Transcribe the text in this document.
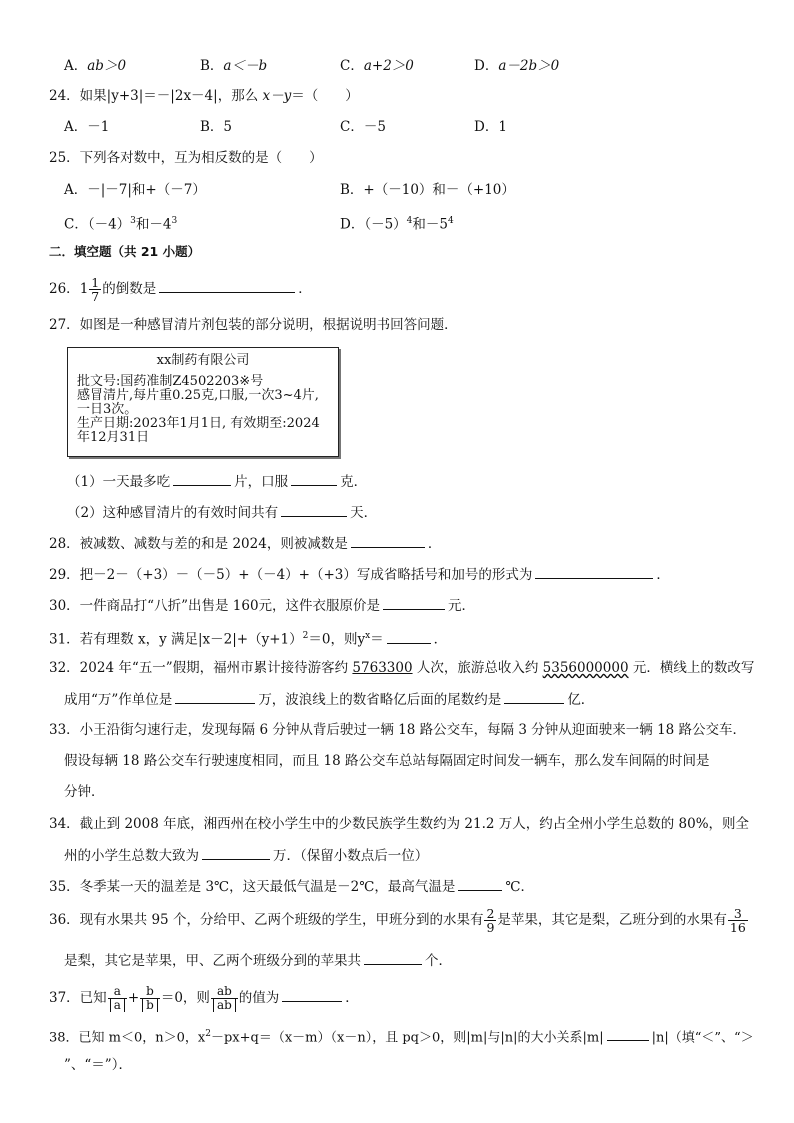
A．ab＞0	B．a＜－b	C．a+2＞0	D．a－2b＞0
24．如果|y+3|＝－|2x－4|，那么 x－y＝（　　）
A．－1	B．5	C．－5	D．1
25．下列各对数中，互为相反数的是（　　）
A．－|－7|和+（－7）	B．+（－10）和－（+10）
C．$(-4)^3$和$-4^3$	D．$(-5)^4$和$-5^4$
二．填空题（共 21 小题）
26．$1 \frac{1}{7}$ 的倒数是	．
27．如图是一种感冒清片剂包装的部分说明，根据说明书回答问题．
xx制药有限公司
批文号:国药准制Z4502203※号
感冒清片,每片重0.25克,口服,一次3~4片,
一日3次。
生产日期:2023年1月1日, 有效期至:2024
年12月31日
（1）一天最多吃	片，口服	克．
（2）这种感冒清片的有效时间共有	天．
28．被减数、减数与差的和是 2024，则被减数是	．
29．把－2－（+3）－（－5）+（－4）+（+3）写成省略括号和加号的形式为	．
30．一件商品打“八折”出售是 160元，这件衣服原价是	元．
31．若有理数 x，y 满足$|x-2|+(y+1)^2=0$，则$y^x=$	．
32．2024 年“五一”假期，福州市累计接待游客约 5763300 人次，旅游总收入约 5356000000 元．横线上的数改写
成用“万”作单位是	万，波浪线上的数省略亿后面的尾数约是	亿．
33．小王沿街匀速行走，发现每隔 6 分钟从背后驶过一辆 18 路公交车，每隔 3 分钟从迎面驶来一辆 18 路公交车．
假设每辆 18 路公交车行驶速度相同，而且 18 路公交车总站每隔固定时间发一辆车，那么发车间隔的时间是
分钟．
34．截止到 2008 年底，湘西州在校小学生中的少数民族学生数约为 21.2 万人，约占全州小学生总数的 80%，则全
州的小学生总数大致为	万．（保留小数点后一位）
35．冬季某一天的温差是 3℃，这天最低气温是－2℃，最高气温是	℃．
36．现有水果共 95 个，分给甲、乙两个班级的学生，甲班分到的水果有 $\frac{2}{9}$ 是苹果，其它是梨，乙班分到的水果有 $\frac{3}{16}$
是梨，其它是苹果，甲、乙两个班级分到的苹果共	个．
37．已知 $\frac{a}{a} + \frac{b}{b} =0$，则 $\frac{ab}{ab}$ 的值为	．
38．已知 m＜0，n＞0，$x^2-px+q=(x-m)(x-n)$，且 pq＞0，则|m|与|n|的大小关系|m|	|n|（填“＜”、“＞
”、“＝”）．
